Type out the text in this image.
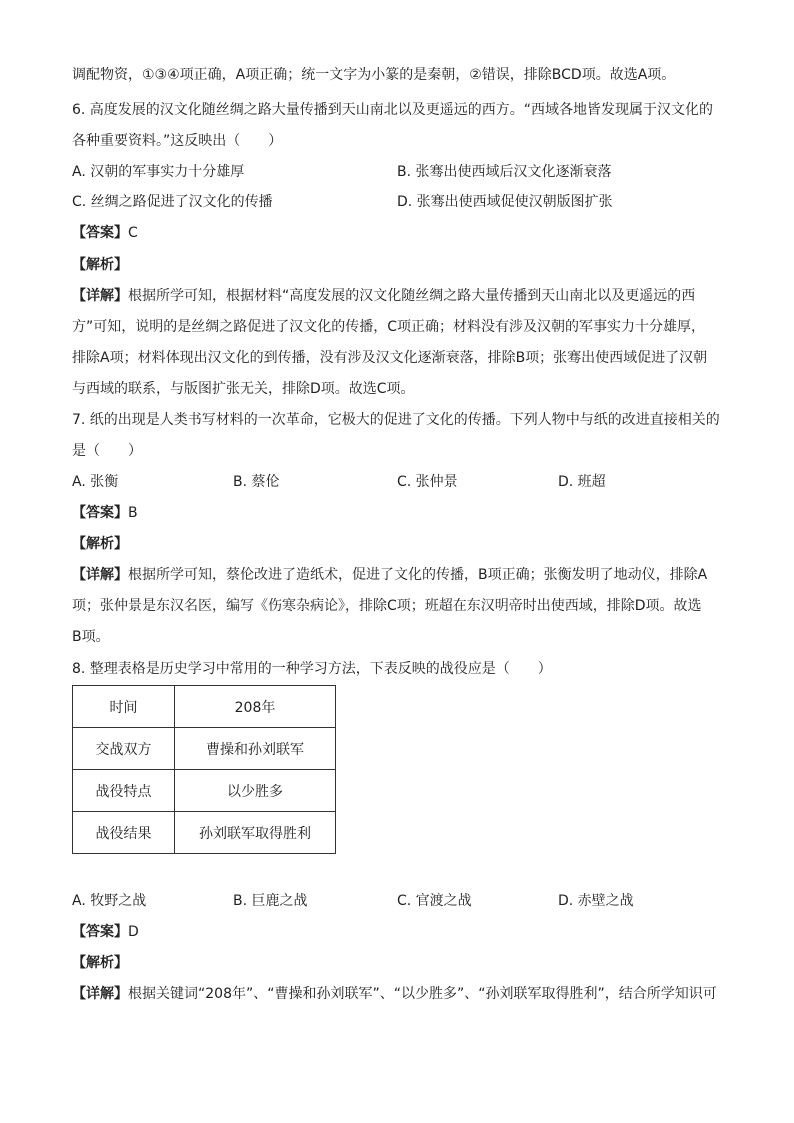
调配物资，①③④项正确，A项正确；统一文字为小篆的是秦朝，②错误，排除BCD项。故选A项。
6. 高度发展的汉文化随丝绸之路大量传播到天山南北以及更遥远的西方。“西域各地皆发现属于汉文化的
各种重要资料。”这反映出（　　）
A. 汉朝的军事实力十分雄厚	B. 张骞出使西域后汉文化逐渐衰落
C. 丝绸之路促进了汉文化的传播	D. 张骞出使西域促使汉朝版图扩张
【答案】C
【解析】
【详解】根据所学可知，根据材料“高度发展的汉文化随丝绸之路大量传播到天山南北以及更遥远的西
方”可知，说明的是丝绸之路促进了汉文化的传播，C项正确；材料没有涉及汉朝的军事实力十分雄厚，
排除A项；材料体现出汉文化的到传播，没有涉及汉文化逐渐衰落，排除B项；张骞出使西域促进了汉朝
与西域的联系，与版图扩张无关，排除D项。故选C项。
7. 纸的出现是人类书写材料的一次革命，它极大的促进了文化的传播。下列人物中与纸的改进直接相关的
是（　　）
A. 张衡	B. 蔡伦	C. 张仲景	D. 班超
【答案】B
【解析】
【详解】根据所学可知，蔡伦改进了造纸术，促进了文化的传播，B项正确；张衡发明了地动仪，排除A
项；张仲景是东汉名医，编写《伤寒杂病论》，排除C项；班超在东汉明帝时出使西域，排除D项。故选
B项。
8. 整理表格是历史学习中常用的一种学习方法，下表反映的战役应是（　　）
时间	208年
交战双方	曹操和孙刘联军
战役特点	以少胜多
战役结果	孙刘联军取得胜利
A. 牧野之战	B. 巨鹿之战	C. 官渡之战	D. 赤壁之战
【答案】D
【解析】
【详解】根据关键词“208年”、“曹操和孙刘联军”、“以少胜多”、“孙刘联军取得胜利”，结合所学知识可
